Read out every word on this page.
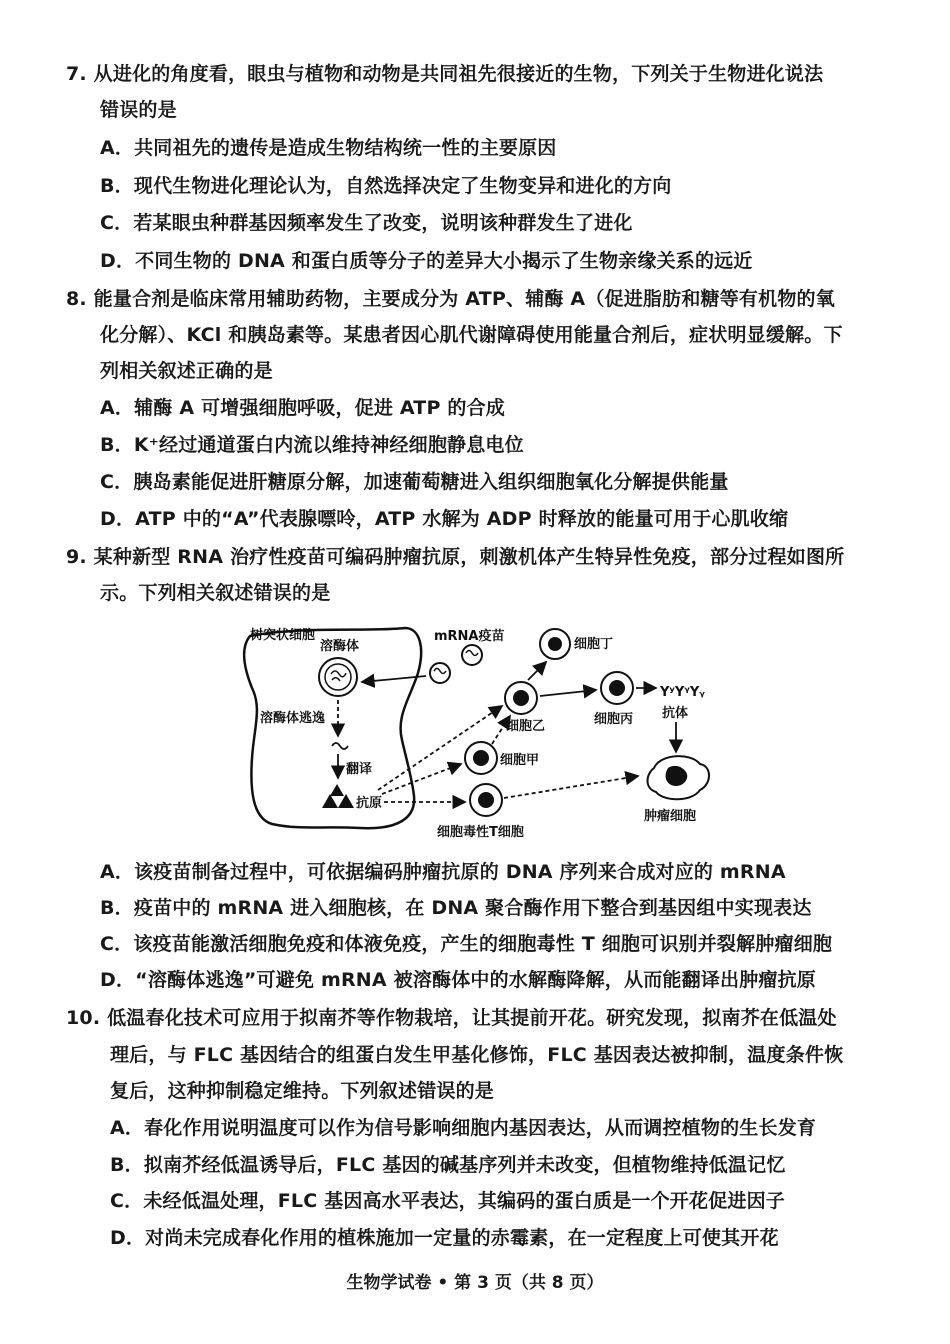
7. 从进化的角度看，眼虫与植物和动物是共同祖先很接近的生物，下列关于生物进化说法
错误的是
A．共同祖先的遗传是造成生物结构统一性的主要原因
B．现代生物进化理论认为，自然选择决定了生物变异和进化的方向
C．若某眼虫种群基因频率发生了改变，说明该种群发生了进化
D．不同生物的 DNA 和蛋白质等分子的差异大小揭示了生物亲缘关系的远近
8. 能量合剂是临床常用辅助药物，主要成分为 ATP、辅酶 A（促进脂肪和糖等有机物的氧
化分解）、KCl 和胰岛素等。某患者因心肌代谢障碍使用能量合剂后，症状明显缓解。下
列相关叙述正确的是
A．辅酶 A 可增强细胞呼吸，促进 ATP 的合成
B．K⁺经过通道蛋白内流以维持神经细胞静息电位
C．胰岛素能促进肝糖原分解，加速葡萄糖进入组织细胞氧化分解提供能量
D．ATP 中的“A”代表腺嘌呤，ATP 水解为 ADP 时释放的能量可用于心肌收缩
9. 某种新型 RNA 治疗性疫苗可编码肿瘤抗原，刺激机体产生特异性免疫，部分过程如图所
示。下列相关叙述错误的是
树突状细胞
溶酶体
mRNA疫苗
溶酶体逃逸
翻译
抗原
细胞甲
细胞乙
细胞丁
细胞丙
细胞毒性T细胞
YʸYᵞYᵧ
抗体
肿瘤细胞
A．该疫苗制备过程中，可依据编码肿瘤抗原的 DNA 序列来合成对应的 mRNA
B．疫苗中的 mRNA 进入细胞核，在 DNA 聚合酶作用下整合到基因组中实现表达
C．该疫苗能激活细胞免疫和体液免疫，产生的细胞毒性 T 细胞可识别并裂解肿瘤细胞
D．“溶酶体逃逸”可避免 mRNA 被溶酶体中的水解酶降解，从而能翻译出肿瘤抗原
10. 低温春化技术可应用于拟南芥等作物栽培，让其提前开花。研究发现，拟南芥在低温处
理后，与 FLC 基因结合的组蛋白发生甲基化修饰，FLC 基因表达被抑制，温度条件恢
复后，这种抑制稳定维持。下列叙述错误的是
A．春化作用说明温度可以作为信号影响细胞内基因表达，从而调控植物的生长发育
B．拟南芥经低温诱导后，FLC 基因的碱基序列并未改变，但植物维持低温记忆
C．未经低温处理，FLC 基因高水平表达，其编码的蛋白质是一个开花促进因子
D．对尚未完成春化作用的植株施加一定量的赤霉素，在一定程度上可使其开花
生物学试卷 • 第 3 页（共 8 页）
